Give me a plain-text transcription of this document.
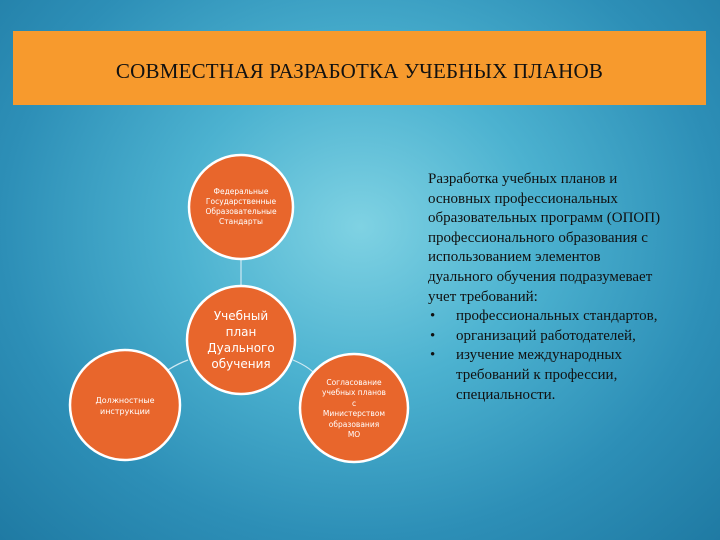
СОВМЕСТНАЯ РАЗРАБОТКА УЧЕБНЫХ ПЛАНОВ
Федеральные
Государственные
Образовательные
Стандарты
Учебный
план
Дуального
обучения
Должностные
инструкции
Согласование
учебных планов
с
Министерством
образования
МО
Разработка учебных планов и
основных профессиональных
образовательных программ (ОПОП)
профессионального образования с
использованием элементов
дуального обучения подразумевает
учет требований:
•	профессиональных стандартов,
•	организаций работодателей,
•	изучение международных
требований к профессии,
специальности.
